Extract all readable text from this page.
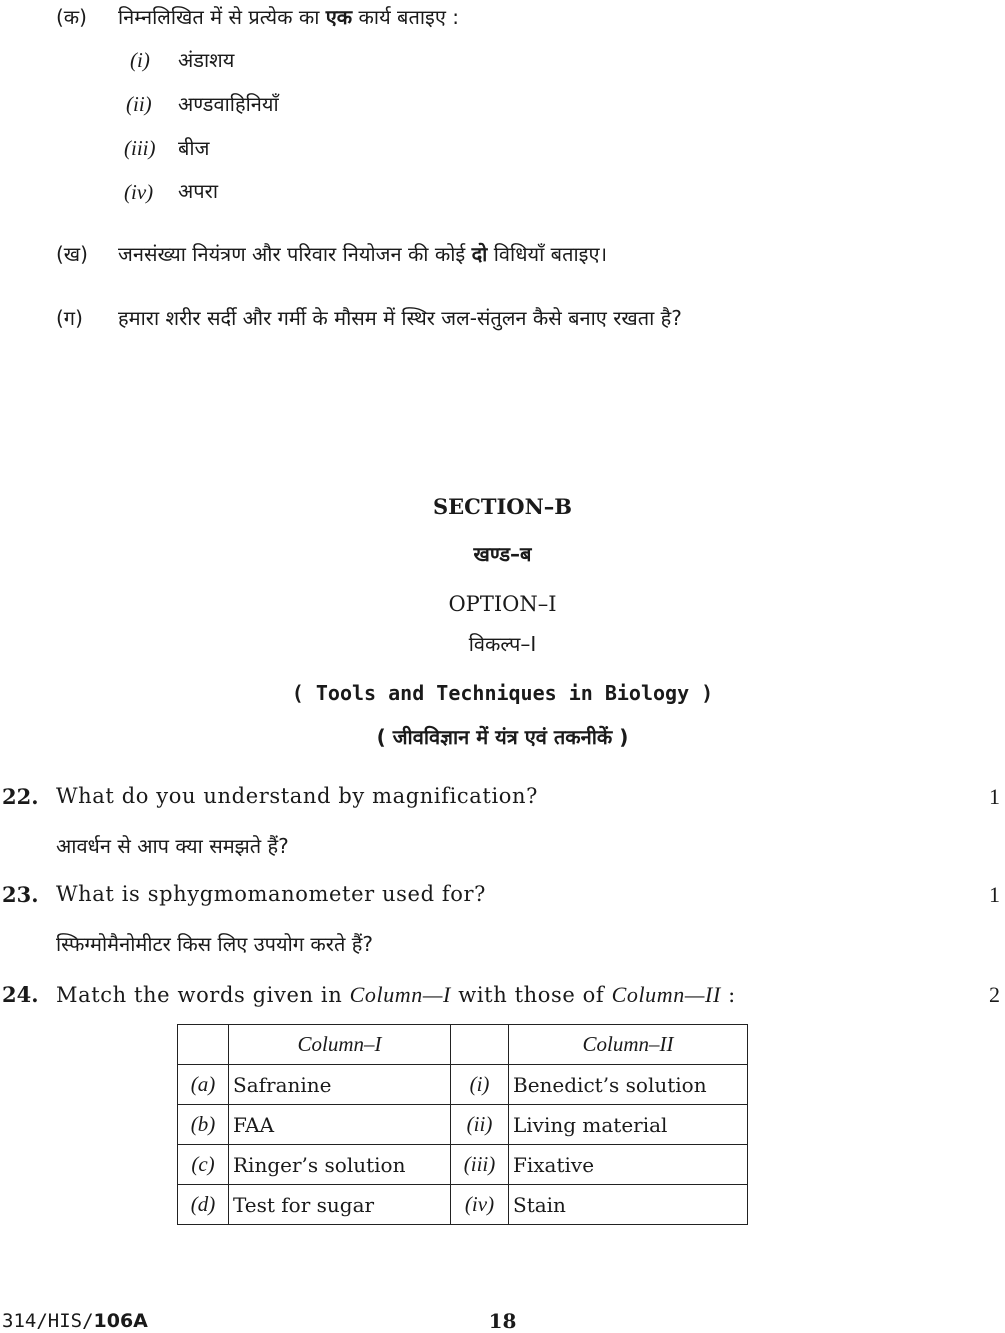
(क) निम्नलिखित में से प्रत्येक का एक कार्य बताइए :
(i) अंडाशय
(ii) अण्डवाहिनियाँ
(iii) बीज
(iv) अपरा
(ख) जनसंख्या नियंत्रण और परिवार नियोजन की कोई दो विधियाँ बताइए।
(ग) हमारा शरीर सर्दी और गर्मी के मौसम में स्थिर जल-संतुलन कैसे बनाए रखता है?
SECTION–B
खण्ड–ब
OPTION–I
विकल्प–I
( Tools and Techniques in Biology )
( जीवविज्ञान में यंत्र एवं तकनीकें )
22. What do you understand by magnification?	1
आवर्धन से आप क्या समझते हैं?
23. What is sphygmomanometer used for?	1
स्फिग्मोमैनोमीटर किस लिए उपयोग करते हैं?
24. Match the words given in Column—I with those of Column—II :	2
	Column–I		Column–II
(a)	Safranine	(i)	Benedict’s solution
(b)	FAA	(ii)	Living material
(c)	Ringer’s solution	(iii)	Fixative
(d)	Test for sugar	(iv)	Stain
314/HIS/106A	18
